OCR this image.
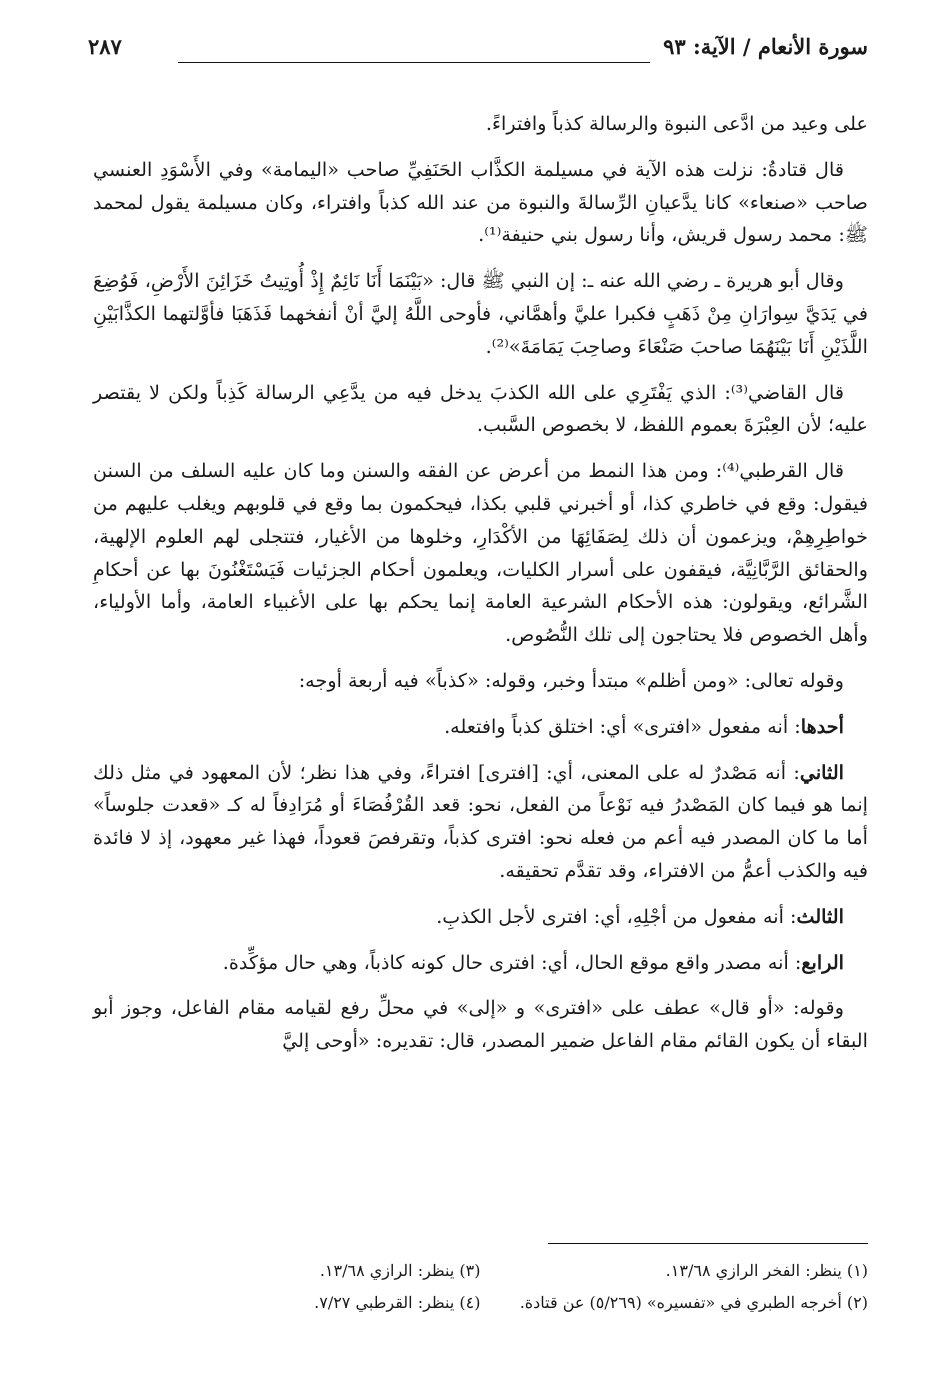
سورة الأنعام / الآية: ٩٣
٢٨٧

على وعيد من ادَّعى النبوة والرسالة كذباً وافتراءً.

قال قتادةُ: نزلت هذه الآية في مسيلمة الكذَّاب الحَنَفِيِّ صاحب «اليمامة» وفي الأَسْوَدِ العنسي صاحب «صنعاء» كانا يدَّعيانِ الرِّسالةَ والنبوة من عند الله كذباً وافتراء، وكان مسيلمة يقول لمحمد ﷺ: محمد رسول قريش، وأنا رسول بني حنيفة⁽¹⁾.

وقال أبو هريرة ـ رضي الله عنه ـ: إن النبي ﷺ قال: «بَيْنَمَا أَنَا نَائِمٌ إِذْ أُوتِيتُ خَزَائِنَ الأَرْضِ، فَوُضِعَ في يَدَيَّ سِوارَانِ مِنْ ذَهَبٍ فكبرا عليَّ وأهمَّاني، فأوحى اللَّهُ إليَّ أنْ أنفخهما فَذَهَبَا فأوَّلتهما الكذَّابَيْنِ اللَّذَيْنِ أَنَا بَيْنَهُمَا صاحبَ صَنْعَاءَ وصاحِبَ يَمَامَةَ»⁽²⁾.

قال القاضي⁽³⁾: الذي يَفْتَرِي على الله الكذبَ يدخل فيه من يدَّعِي الرسالة كَذِباً ولكن لا يقتصر عليه؛ لأن العِبْرَةَ بعموم اللفظ، لا بخصوص السَّبب.

قال القرطبي⁽⁴⁾: ومن هذا النمط من أعرض عن الفقه والسنن وما كان عليه السلف من السنن فيقول: وقع في خاطري كذا، أو أخبرني قلبي بكذا، فيحكمون بما وقع في قلوبهم ويغلب عليهم من خواطِرِهِمْ، ويزعمون أن ذلك لِصَفَائِهَا من الأكْدَارِ، وخلوها من الأغيار، فتتجلى لهم العلوم الإلهية، والحقائق الرَّبَّانِيَّة، فيقفون على أسرار الكليات، ويعلمون أحكام الجزئيات فَيَسْتَغْنُونَ بها عن أحكامِ الشَّرائع، ويقولون: هذه الأحكام الشرعية العامة إنما يحكم بها على الأغبياء العامة، وأما الأولياء، وأهل الخصوص فلا يحتاجون إلى تلك النُّصُوص.

وقوله تعالى: «ومن أظلم» مبتدأ وخبر، وقوله: «كذباً» فيه أربعة أوجه:

أحدها: أنه مفعول «افترى» أي: اختلق كذباً وافتعله.

الثاني: أنه مَصْدرٌ له على المعنى، أي: [افترى] افتراءً، وفي هذا نظر؛ لأن المعهود في مثل ذلك إنما هو فيما كان المَصْدرُ فيه نَوْعاً من الفعل، نحو: قعد القُرْفُصَاءَ أو مُرَادِفاً له كـ «قعدت جلوساً» أما ما كان المصدر فيه أعم من فعله نحو: افترى كذباً، وتقرفصَ قعوداً، فهذا غير معهود، إذ لا فائدة فيه والكذب أعمُّ من الافتراء، وقد تقدَّم تحقيقه.

الثالث: أنه مفعول من أجْلِهِ، أي: افترى لأجل الكذبِ.

الرابع: أنه مصدر واقع موقع الحال، أي: افترى حال كونه كاذباً، وهي حال مؤكِّدة.

وقوله: «أو قال» عطف على «افترى» و «إلى» في محلِّ رفع لقيامه مقام الفاعل، وجوز أبو البقاء أن يكون القائم مقام الفاعل ضمير المصدر، قال: تقديره: «أوحى إليَّ

(١) ينظر: الفخر الرازي ١٣/٦٨.
(٣) ينظر: الرازي ١٣/٦٨.
(٢) أخرجه الطبري في «تفسيره» (٥/٢٦٩) عن قتادة.
(٤) ينظر: القرطبي ٧/٢٧.
